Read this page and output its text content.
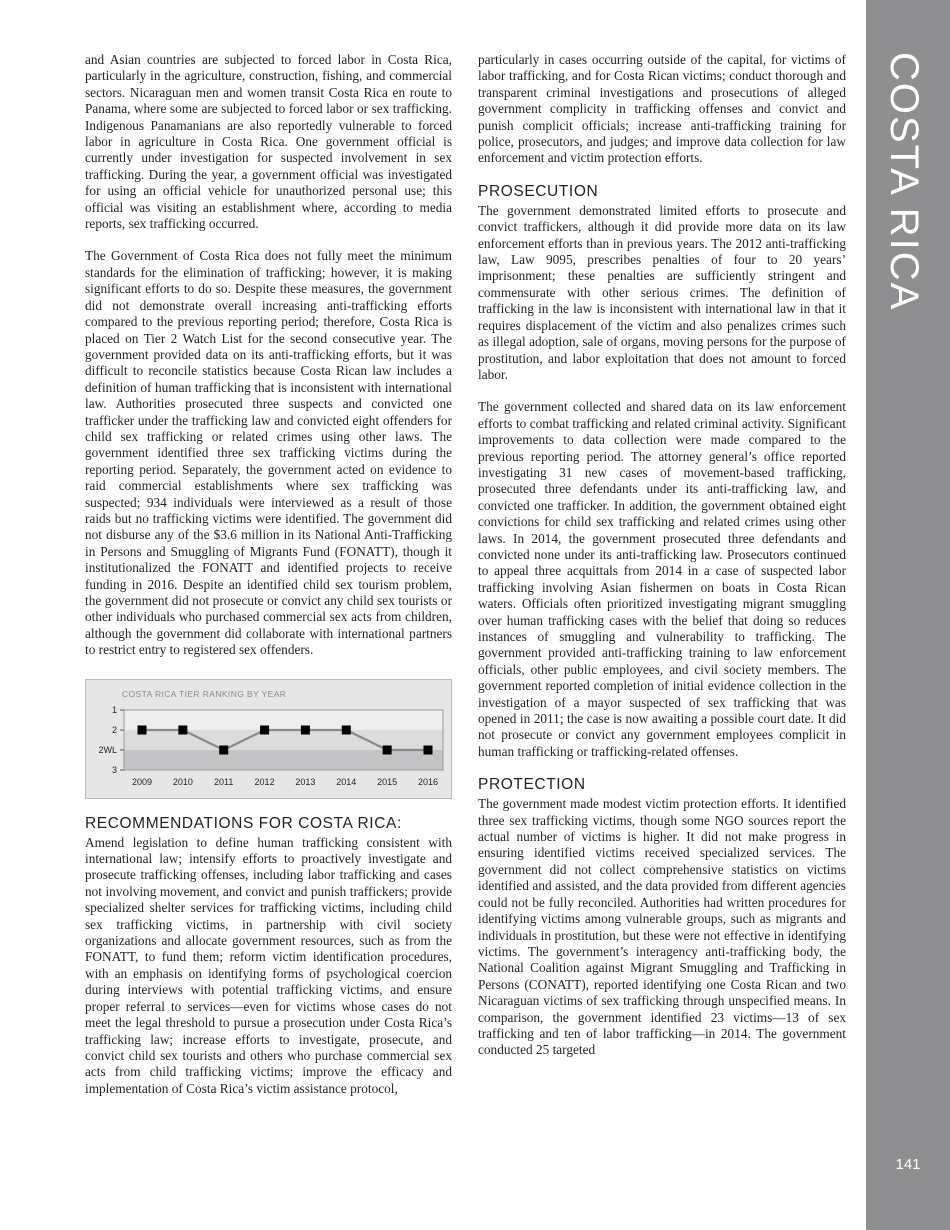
and Asian countries are subjected to forced labor in Costa Rica, particularly in the agriculture, construction, fishing, and commercial sectors. Nicaraguan men and women transit Costa Rica en route to Panama, where some are subjected to forced labor or sex trafficking. Indigenous Panamanians are also reportedly vulnerable to forced labor in agriculture in Costa Rica. One government official is currently under investigation for suspected involvement in sex trafficking. During the year, a government official was investigated for using an official vehicle for unauthorized personal use; this official was visiting an establishment where, according to media reports, sex trafficking occurred.

The Government of Costa Rica does not fully meet the minimum standards for the elimination of trafficking; however, it is making significant efforts to do so. Despite these measures, the government did not demonstrate overall increasing anti-trafficking efforts compared to the previous reporting period; therefore, Costa Rica is placed on Tier 2 Watch List for the second consecutive year. The government provided data on its anti-trafficking efforts, but it was difficult to reconcile statistics because Costa Rican law includes a definition of human trafficking that is inconsistent with international law. Authorities prosecuted three suspects and convicted one trafficker under the trafficking law and convicted eight offenders for child sex trafficking or related crimes using other laws. The government identified three sex trafficking victims during the reporting period. Separately, the government acted on evidence to raid commercial establishments where sex trafficking was suspected; 934 individuals were interviewed as a result of those raids but no trafficking victims were identified. The government did not disburse any of the $3.6 million in its National Anti-Trafficking in Persons and Smuggling of Migrants Fund (FONATT), though it institutionalized the FONATT and identified projects to receive funding in 2016. Despite an identified child sex tourism problem, the government did not prosecute or convict any child sex tourists or other individuals who purchased commercial sex acts from children, although the government did collaborate with international partners to restrict entry to registered sex offenders.

COSTA RICA TIER RANKING BY YEAR
1
2
2WL
3
2009 2010 2011 2012 2013 2014 2015 2016
RECOMMENDATIONS FOR COSTA RICA:

Amend legislation to define human trafficking consistent with international law; intensify efforts to proactively investigate and prosecute trafficking offenses, including labor trafficking and cases not involving movement, and convict and punish traffickers; provide specialized shelter services for trafficking victims, including child sex trafficking victims, in partnership with civil society organizations and allocate government resources, such as from the FONATT, to fund them; reform victim identification procedures, with an emphasis on identifying forms of psychological coercion during interviews with potential trafficking victims, and ensure proper referral to services—even for victims whose cases do not meet the legal threshold to pursue a prosecution under Costa Rica’s trafficking law; increase efforts to investigate, prosecute, and convict child sex tourists and others who purchase commercial sex acts from child trafficking victims; improve the efficacy and implementation of Costa Rica’s victim assistance protocol,

particularly in cases occurring outside of the capital, for victims of labor trafficking, and for Costa Rican victims; conduct thorough and transparent criminal investigations and prosecutions of alleged government complicity in trafficking offenses and convict and punish complicit officials; increase anti-trafficking training for police, prosecutors, and judges; and improve data collection for law enforcement and victim protection efforts.

PROSECUTION

The government demonstrated limited efforts to prosecute and convict traffickers, although it did provide more data on its law enforcement efforts than in previous years. The 2012 anti-trafficking law, Law 9095, prescribes penalties of four to 20 years’ imprisonment; these penalties are sufficiently stringent and commensurate with other serious crimes. The definition of trafficking in the law is inconsistent with international law in that it requires displacement of the victim and also penalizes crimes such as illegal adoption, sale of organs, moving persons for the purpose of prostitution, and labor exploitation that does not amount to forced labor.

The government collected and shared data on its law enforcement efforts to combat trafficking and related criminal activity. Significant improvements to data collection were made compared to the previous reporting period. The attorney general’s office reported investigating 31 new cases of movement-based trafficking, prosecuted three defendants under its anti-trafficking law, and convicted one trafficker. In addition, the government obtained eight convictions for child sex trafficking and related crimes using other laws. In 2014, the government prosecuted three defendants and convicted none under its anti-trafficking law. Prosecutors continued to appeal three acquittals from 2014 in a case of suspected labor trafficking involving Asian fishermen on boats in Costa Rican waters. Officials often prioritized investigating migrant smuggling over human trafficking cases with the belief that doing so reduces instances of smuggling and vulnerability to trafficking. The government provided anti-trafficking training to law enforcement officials, other public employees, and civil society members. The government reported completion of initial evidence collection in the investigation of a mayor suspected of sex trafficking that was opened in 2011; the case is now awaiting a possible court date. It did not prosecute or convict any government employees complicit in human trafficking or trafficking-related offenses.

PROTECTION

The government made modest victim protection efforts. It identified three sex trafficking victims, though some NGO sources report the actual number of victims is higher. It did not make progress in ensuring identified victims received specialized services. The government did not collect comprehensive statistics on victims identified and assisted, and the data provided from different agencies could not be fully reconciled. Authorities had written procedures for identifying victims among vulnerable groups, such as migrants and individuals in prostitution, but these were not effective in identifying victims. The government’s interagency anti-trafficking body, the National Coalition against Migrant Smuggling and Trafficking in Persons (CONATT), reported identifying one Costa Rican and two Nicaraguan victims of sex trafficking through unspecified means. In comparison, the government identified 23 victims—13 of sex trafficking and ten of labor trafficking—in 2014. The government conducted 25 targeted

COSTA RICA
141
